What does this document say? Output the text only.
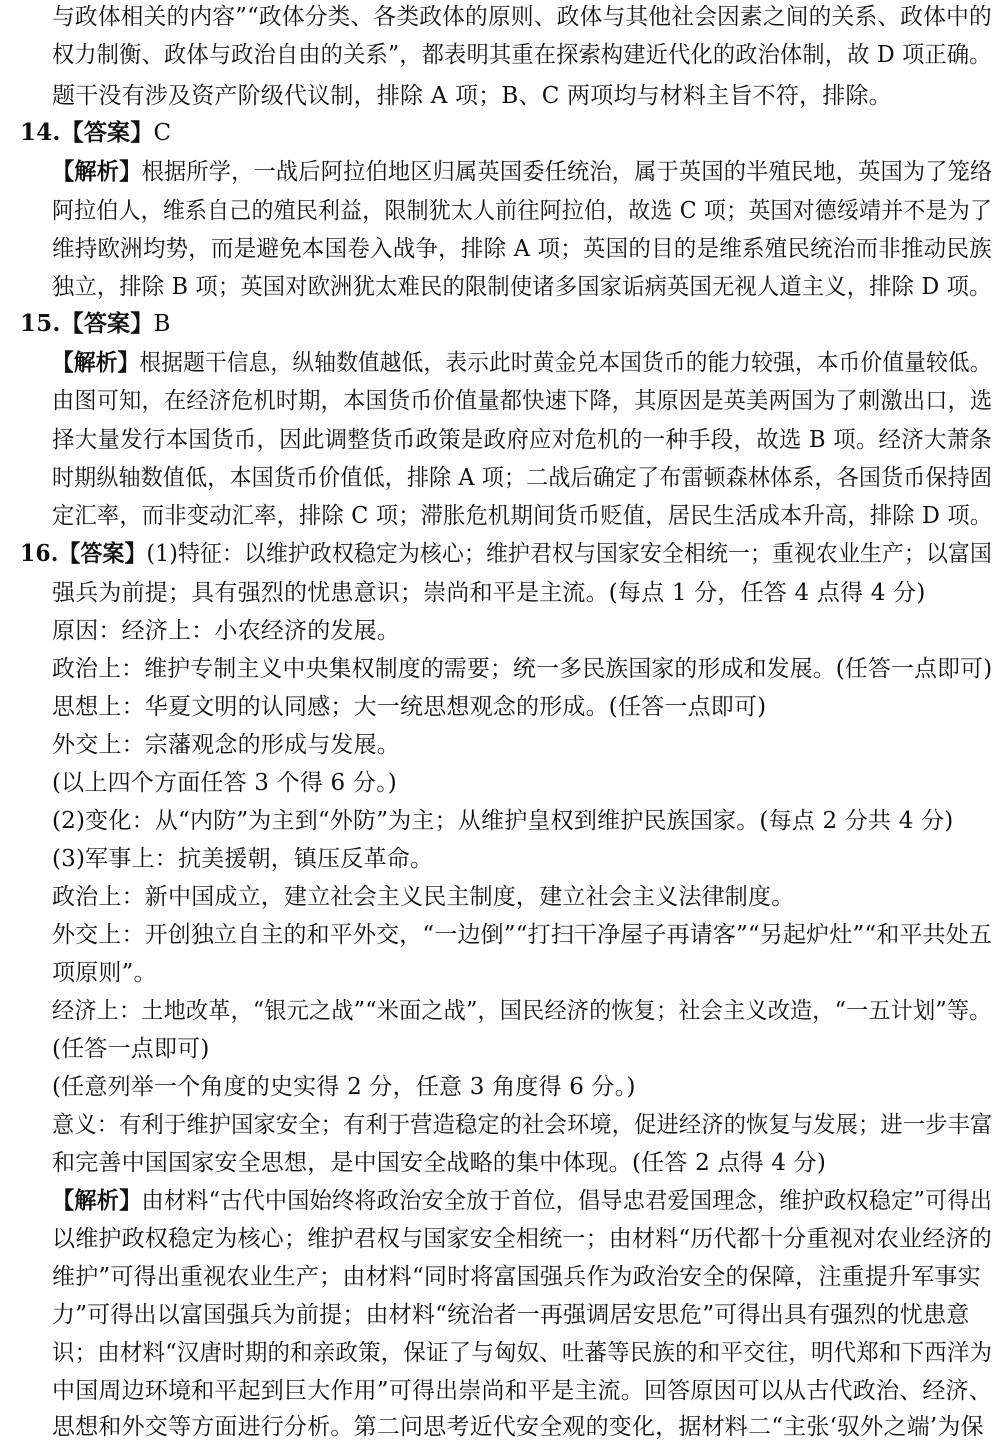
与政体相关的内容”“政体分类、各类政体的原则、政体与其他社会因素之间的关系、政体中的
权力制衡、政体与政治自由的关系”，都表明其重在探索构建近代化的政治体制，故 D 项正确。
题干没有涉及资产阶级代议制，排除 A 项；B、C 两项均与材料主旨不符，排除。
14.【答案】C
【解析】根据所学，一战后阿拉伯地区归属英国委任统治，属于英国的半殖民地，英国为了笼络
阿拉伯人，维系自己的殖民利益，限制犹太人前往阿拉伯，故选 C 项；英国对德绥靖并不是为了
维持欧洲均势，而是避免本国卷入战争，排除 A 项；英国的目的是维系殖民统治而非推动民族
独立，排除 B 项；英国对欧洲犹太难民的限制使诸多国家诟病英国无视人道主义，排除 D 项。
15.【答案】B
【解析】根据题干信息，纵轴数值越低，表示此时黄金兑本国货币的能力较强，本币价值量较低。
由图可知，在经济危机时期，本国货币价值量都快速下降，其原因是英美两国为了刺激出口，选
择大量发行本国货币，因此调整货币政策是政府应对危机的一种手段，故选 B 项。经济大萧条
时期纵轴数值低，本国货币价值低，排除 A 项；二战后确定了布雷顿森林体系，各国货币保持固
定汇率，而非变动汇率，排除 C 项；滞胀危机期间货币贬值，居民生活成本升高，排除 D 项。
16.【答案】(1)特征：以维护政权稳定为核心；维护君权与国家安全相统一；重视农业生产；以富国
强兵为前提；具有强烈的忧患意识；崇尚和平是主流。(每点 1 分，任答 4 点得 4 分)
原因：经济上：小农经济的发展。
政治上：维护专制主义中央集权制度的需要；统一多民族国家的形成和发展。(任答一点即可)
思想上：华夏文明的认同感；大一统思想观念的形成。(任答一点即可)
外交上：宗藩观念的形成与发展。
(以上四个方面任答 3 个得 6 分。)
(2)变化：从“内防”为主到“外防”为主；从维护皇权到维护民族国家。(每点 2 分共 4 分)
(3)军事上：抗美援朝，镇压反革命。
政治上：新中国成立，建立社会主义民主制度，建立社会主义法律制度。
外交上：开创独立自主的和平外交，“一边倒”“打扫干净屋子再请客”“另起炉灶”“和平共处五
项原则”。
经济上：土地改革，“银元之战”“米面之战”，国民经济的恢复；社会主义改造，“一五计划”等。
(任答一点即可)
(任意列举一个角度的史实得 2 分，任意 3 角度得 6 分。)
意义：有利于维护国家安全；有利于营造稳定的社会环境，促进经济的恢复与发展；进一步丰富
和完善中国国家安全思想，是中国安全战略的集中体现。(任答 2 点得 4 分)
【解析】由材料“古代中国始终将政治安全放于首位，倡导忠君爱国理念，维护政权稳定”可得出
以维护政权稳定为核心；维护君权与国家安全相统一；由材料“历代都十分重视对农业经济的
维护”可得出重视农业生产；由材料“同时将富国强兵作为政治安全的保障，注重提升军事实
力”可得出以富国强兵为前提；由材料“统治者一再强调居安思危”可得出具有强烈的忧患意
识；由材料“汉唐时期的和亲政策，保证了与匈奴、吐蕃等民族的和平交往，明代郑和下西洋为
中国周边环境和平起到巨大作用”可得出崇尚和平是主流。回答原因可以从古代政治、经济、
思想和外交等方面进行分析。第二问思考近代安全观的变化，据材料二“主张‘驭外之端’为保
